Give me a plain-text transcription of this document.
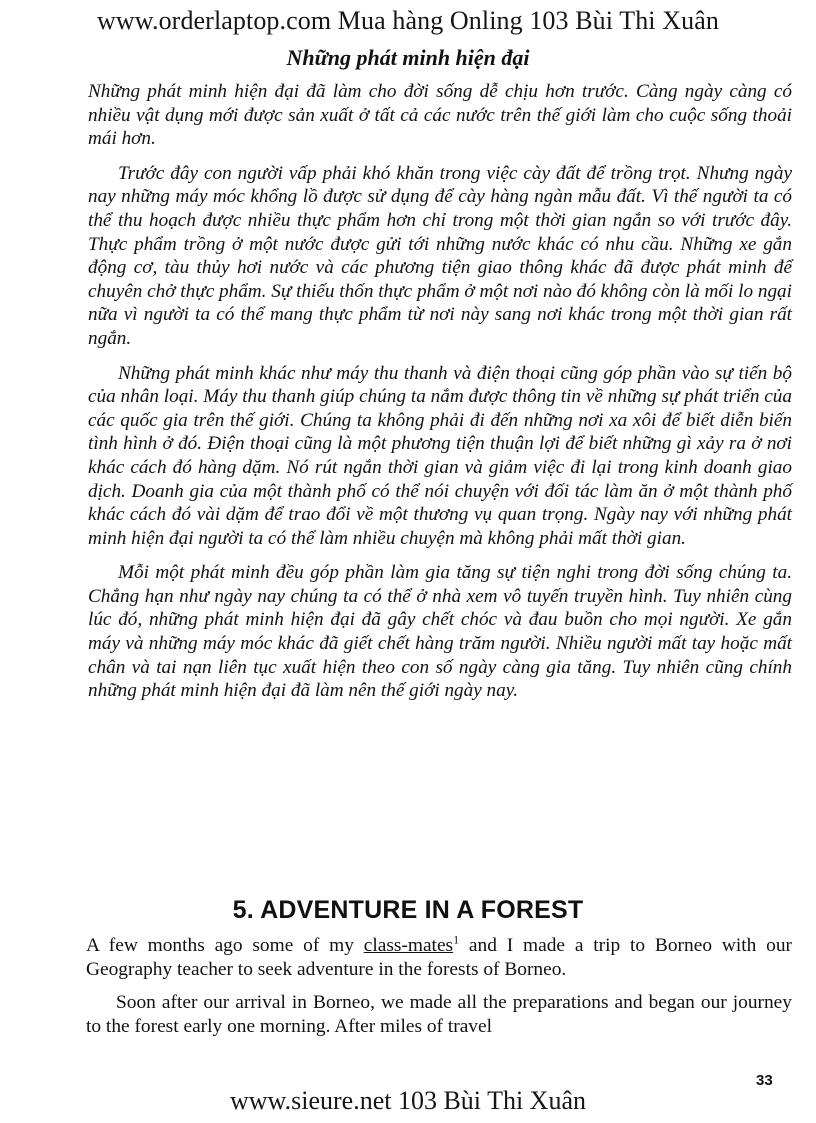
www.orderlaptop.com Mua hàng Onling 103 Bùi Thi Xuân
Những phát minh hiện đại

Những phát minh hiện đại đã làm cho đời sống dễ chịu hơn trước. Càng ngày càng có nhiều vật dụng mới được sản xuất ở tất cả các nước trên thế giới làm cho cuộc sống thoải mái hơn.

Trước đây con người vấp phải khó khăn trong việc cày đất để trồng trọt. Nhưng ngày nay những máy móc khổng lồ được sử dụng để cày hàng ngàn mẫu đất. Vì thế người ta có thể thu hoạch được nhiều thực phẩm hơn chỉ trong một thời gian ngắn so với trước đây. Thực phẩm trồng ở một nước được gửi tới những nước khác có nhu cầu. Những xe gắn động cơ, tàu thủy hơi nước và các phương tiện giao thông khác đã được phát minh để chuyên chở thực phẩm. Sự thiếu thốn thực phẩm ở một nơi nào đó không còn là mối lo ngại nữa vì người ta có thể mang thực phẩm từ nơi này sang nơi khác trong một thời gian rất ngắn.

Những phát minh khác như máy thu thanh và điện thoại cũng góp phần vào sự tiến bộ của nhân loại. Máy thu thanh giúp chúng ta nắm được thông tin về những sự phát triển của các quốc gia trên thế giới. Chúng ta không phải đi đến những nơi xa xôi để biết diễn biến tình hình ở đó. Điện thoại cũng là một phương tiện thuận lợi để biết những gì xảy ra ở nơi khác cách đó hàng dặm. Nó rút ngắn thời gian và giảm việc đi lại trong kinh doanh giao dịch. Doanh gia của một thành phố có thể nói chuyện với đối tác làm ăn ở một thành phố khác cách đó vài dặm để trao đổi về một thương vụ quan trọng. Ngày nay với những phát minh hiện đại người ta có thể làm nhiều chuyện mà không phải mất thời gian.

Mỗi một phát minh đều góp phần làm gia tăng sự tiện nghi trong đời sống chúng ta. Chẳng hạn như ngày nay chúng ta có thể ở nhà xem vô tuyến truyền hình. Tuy nhiên cùng lúc đó, những phát minh hiện đại đã gây chết chóc và đau buồn cho mọi người. Xe gắn máy và những máy móc khác đã giết chết hàng trăm người. Nhiều người mất tay hoặc mất chân và tai nạn liên tục xuất hiện theo con số ngày càng gia tăng. Tuy nhiên cũng chính những phát minh hiện đại đã làm nên thế giới ngày nay.

5. ADVENTURE IN A FOREST

A few months ago some of my class-mates$^1$ and I made a trip to Borneo with our Geography teacher to seek adventure in the forests of Borneo.

Soon after our arrival in Borneo, we made all the preparations and began our journey to the forest early one morning. After miles of travel

33
www.sieure.net 103 Bùi Thi Xuân
